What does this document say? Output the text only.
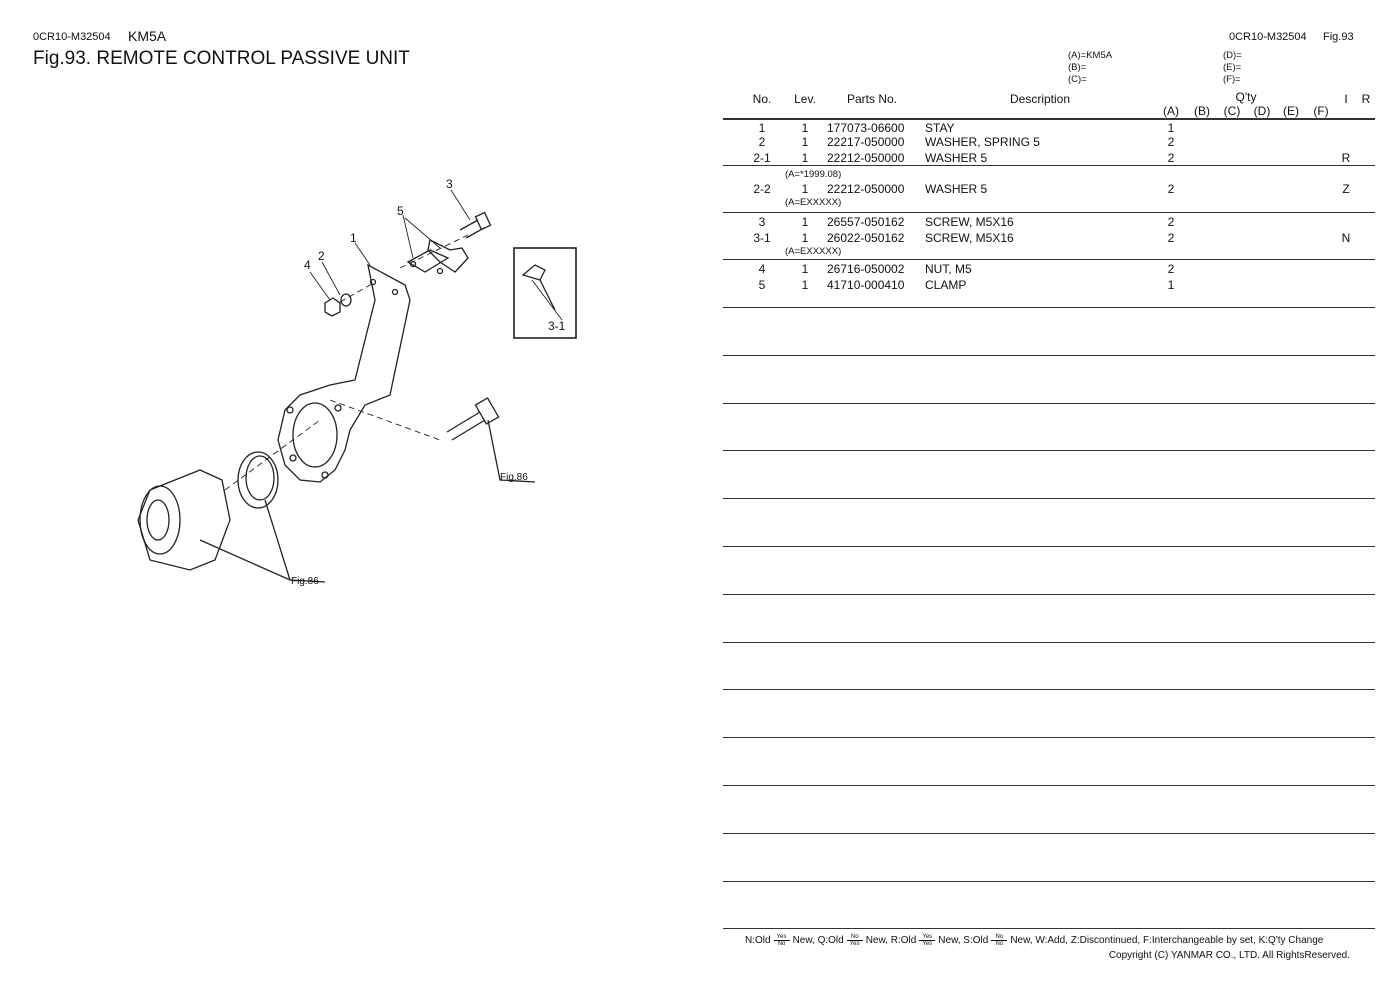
0CR10-M32504 KM5A
Fig.93. REMOTE CONTROL PASSIVE UNIT
1
2
3
4
5
3-1
Fig.86
Fig.86
0CR10-M32504 Fig.93
(A)=KM5A
(B)=
(C)=
(D)=
(E)=
(F)=
No. Lev.	Parts No.	Description	Q'ty
(A) (B) (C) (D) (E) (F)
I R
1	1 177073-06600 STAY	1
2	1 22217-050000 WASHER, SPRING 5	2
2-1	1 22212-050000 WASHER 5	2	R
2-2	1 22212-050000 WASHER 5	2	Z
(A=*1999.08)
(A=EXXXXX)
3	1 26557-050162 SCREW, M5X16	2
3-1	1 26022-050162 SCREW, M5X16	2	N
(A=EXXXXX)
4	1 26716-050002 NUT, M5	2
5	1 41710-000410 CLAMP	1
N:Old Yes
No New, Q:Old No
Yes New, R:Old Yes
Yes New, S:Old No
No New, W:Add, Z:Discontinued, F:Interchangeable by set, K:Q'ty Change
Copyright (C) YANMAR CO., LTD. All RightsReserved.
